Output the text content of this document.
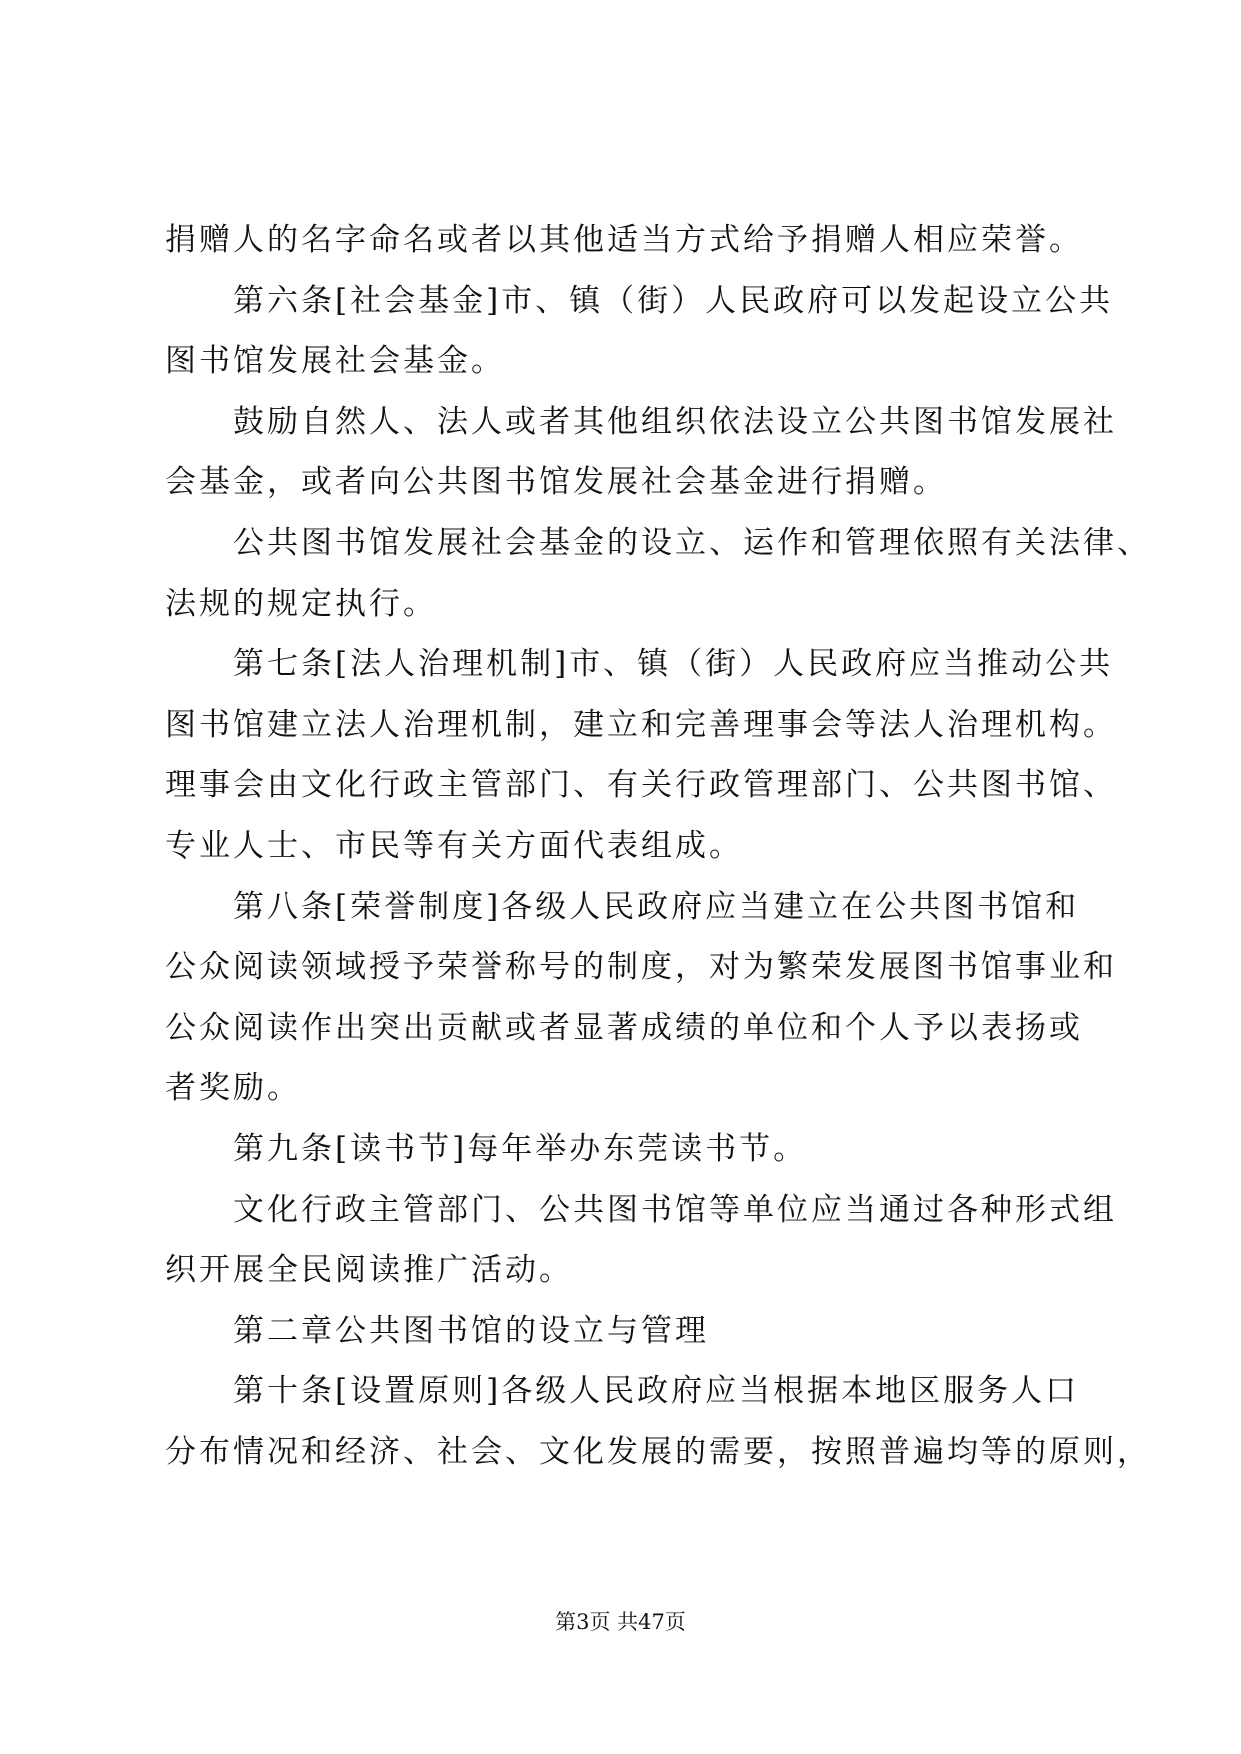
捐赠人的名字命名或者以其他适当方式给予捐赠人相应荣誉。
第六条[社会基金]市、镇（街）人民政府可以发起设立公共
图书馆发展社会基金。
鼓励自然人、法人或者其他组织依法设立公共图书馆发展社
会基金，或者向公共图书馆发展社会基金进行捐赠。
公共图书馆发展社会基金的设立、运作和管理依照有关法律、
法规的规定执行。
第七条[法人治理机制]市、镇（街）人民政府应当推动公共
图书馆建立法人治理机制，建立和完善理事会等法人治理机构。
理事会由文化行政主管部门、有关行政管理部门、公共图书馆、
专业人士、市民等有关方面代表组成。
第八条[荣誉制度]各级人民政府应当建立在公共图书馆和
公众阅读领域授予荣誉称号的制度，对为繁荣发展图书馆事业和
公众阅读作出突出贡献或者显著成绩的单位和个人予以表扬或
者奖励。
第九条[读书节]每年举办东莞读书节。
文化行政主管部门、公共图书馆等单位应当通过各种形式组
织开展全民阅读推广活动。
第二章公共图书馆的设立与管理
第十条[设置原则]各级人民政府应当根据本地区服务人口
分布情况和经济、社会、文化发展的需要，按照普遍均等的原则，
第3页 共47页
